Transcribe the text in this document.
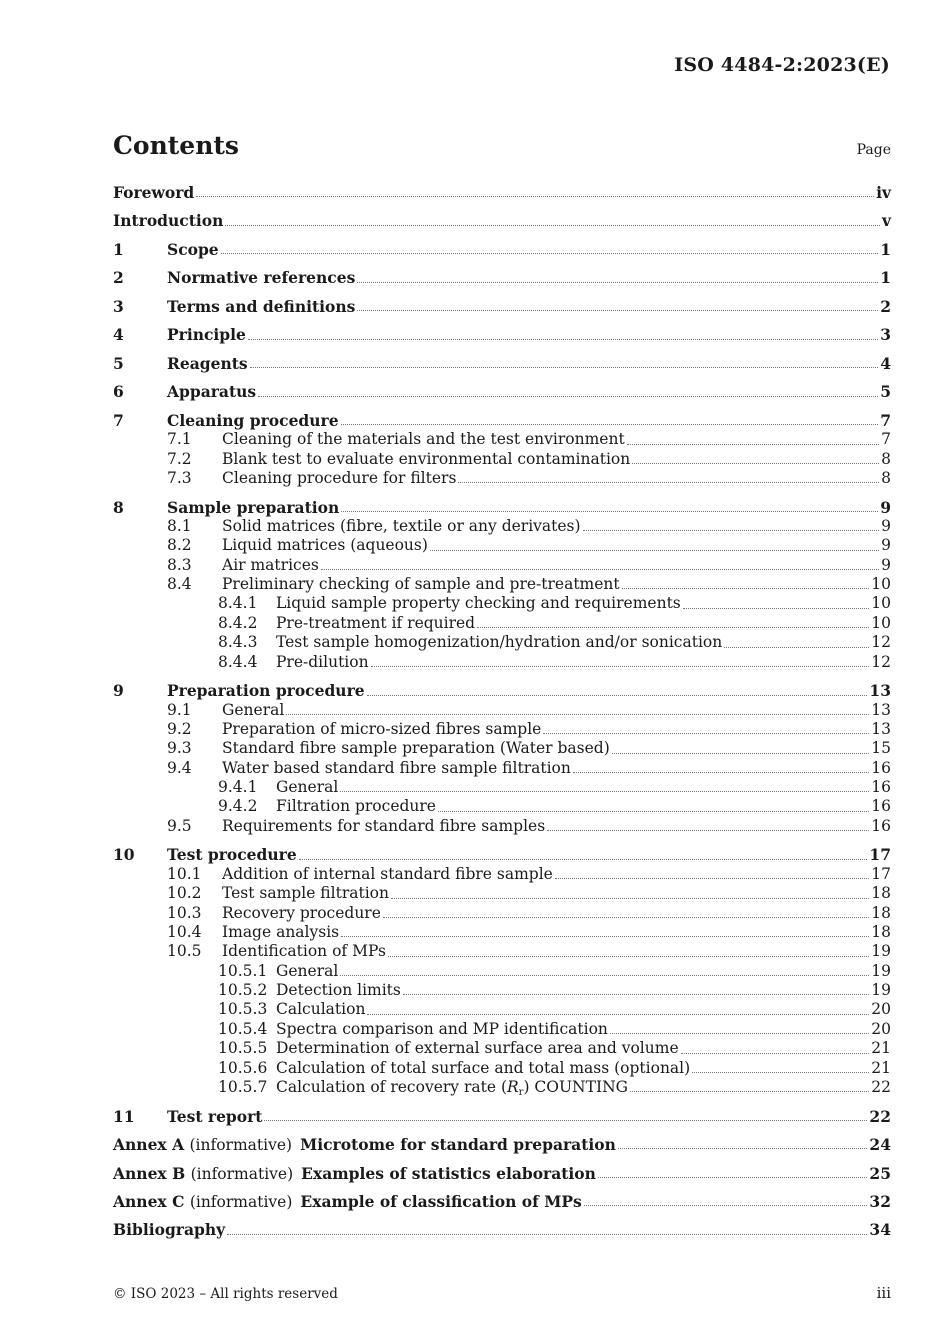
ISO 4484-2:2023(E)
Contents	Page
Foreword	iv
Introduction	v
1	Scope	1
2	Normative references	1
3	Terms and definitions	2
4	Principle	3
5	Reagents	4
6	Apparatus	5
7	Cleaning procedure	7
7.1	Cleaning of the materials and the test environment	7
7.2	Blank test to evaluate environmental contamination	8
7.3	Cleaning procedure for filters	8
8	Sample preparation	9
8.1	Solid matrices (fibre, textile or any derivates)	9
8.2	Liquid matrices (aqueous)	9
8.3	Air matrices	9
8.4	Preliminary checking of sample and pre-treatment	10
8.4.1	Liquid sample property checking and requirements	10
8.4.2	Pre-treatment if required	10
8.4.3	Test sample homogenization/hydration and/or sonication	12
8.4.4	Pre-dilution	12
9	Preparation procedure	13
9.1	General	13
9.2	Preparation of micro-sized fibres sample	13
9.3	Standard fibre sample preparation (Water based)	15
9.4	Water based standard fibre sample filtration	16
9.4.1	General	16
9.4.2	Filtration procedure	16
9.5	Requirements for standard fibre samples	16
10	Test procedure	17
10.1	Addition of internal standard fibre sample	17
10.2	Test sample filtration	18
10.3	Recovery procedure	18
10.4	Image analysis	18
10.5	Identification of MPs	19
10.5.1 General	19
10.5.2 Detection limits	19
10.5.3 Calculation	20
10.5.4 Spectra comparison and MP identification	20
10.5.5 Determination of external surface area and volume	21
10.5.6 Calculation of total surface and total mass (optional)	21
10.5.7 Calculation of recovery rate $(R_r)$ COUNTING	22
11	Test report	22
Annex A (informative) Microtome for standard preparation	24
Annex B (informative) Examples of statistics elaboration	25
Annex C (informative) Example of classification of MPs	32
Bibliography	34
© ISO 2023 – All rights reserved	iii
